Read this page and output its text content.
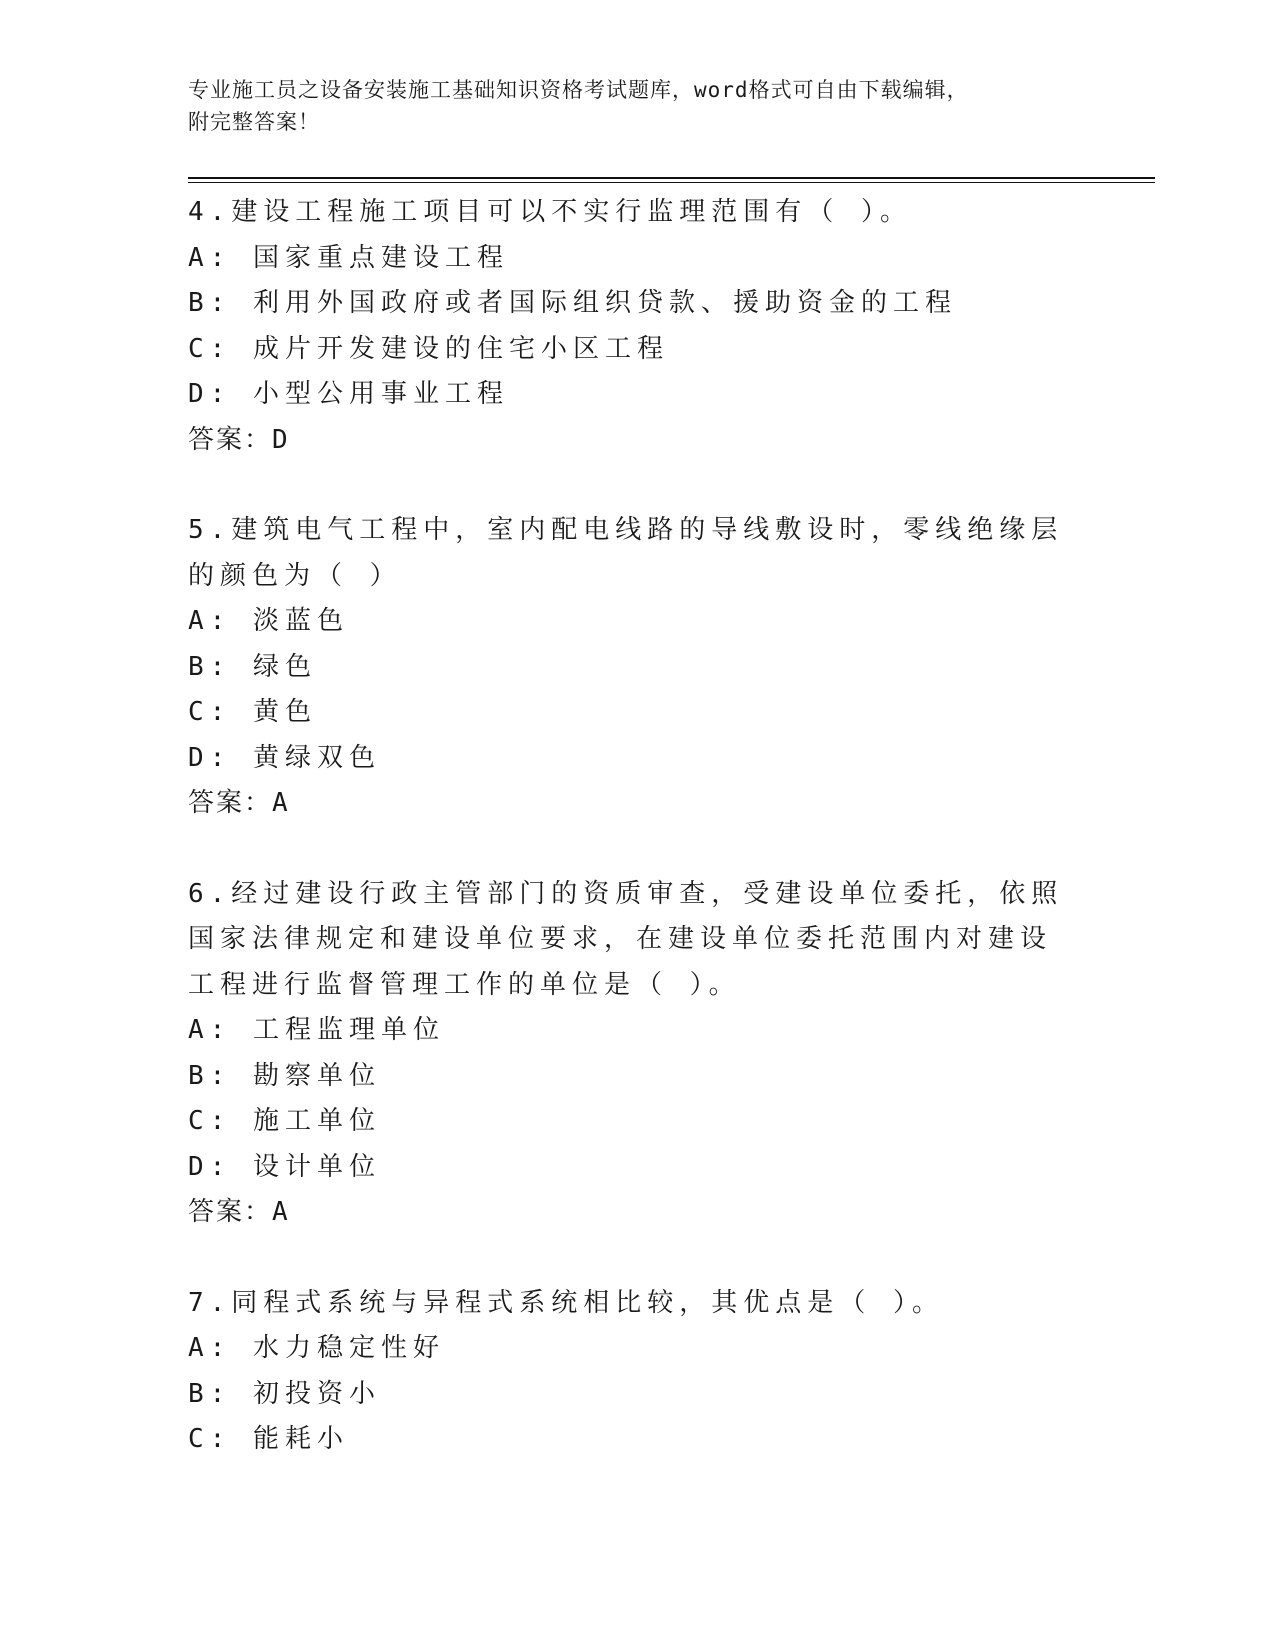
专业施工员之设备安装施工基础知识资格考试题库，word格式可自由下载编辑，
附完整答案！

4.建设工程施工项目可以不实行监理范围有（ ）。

A: 国家重点建设工程

B: 利用外国政府或者国际组织贷款、援助资金的工程

C: 成片开发建设的住宅小区工程

D: 小型公用事业工程

答案：D

5.建筑电气工程中，室内配电线路的导线敷设时，零线绝缘层的颜色为（ ）

A: 淡蓝色

B: 绿色

C: 黄色

D: 黄绿双色

答案：A

6.经过建设行政主管部门的资质审查，受建设单位委托，依照国家法律规定和建设单位要求，在建设单位委托范围内对建设工程进行监督管理工作的单位是（ ）。

A: 工程监理单位

B: 勘察单位

C: 施工单位

D: 设计单位

答案：A

7.同程式系统与异程式系统相比较，其优点是（ ）。

A: 水力稳定性好

B: 初投资小

C: 能耗小
